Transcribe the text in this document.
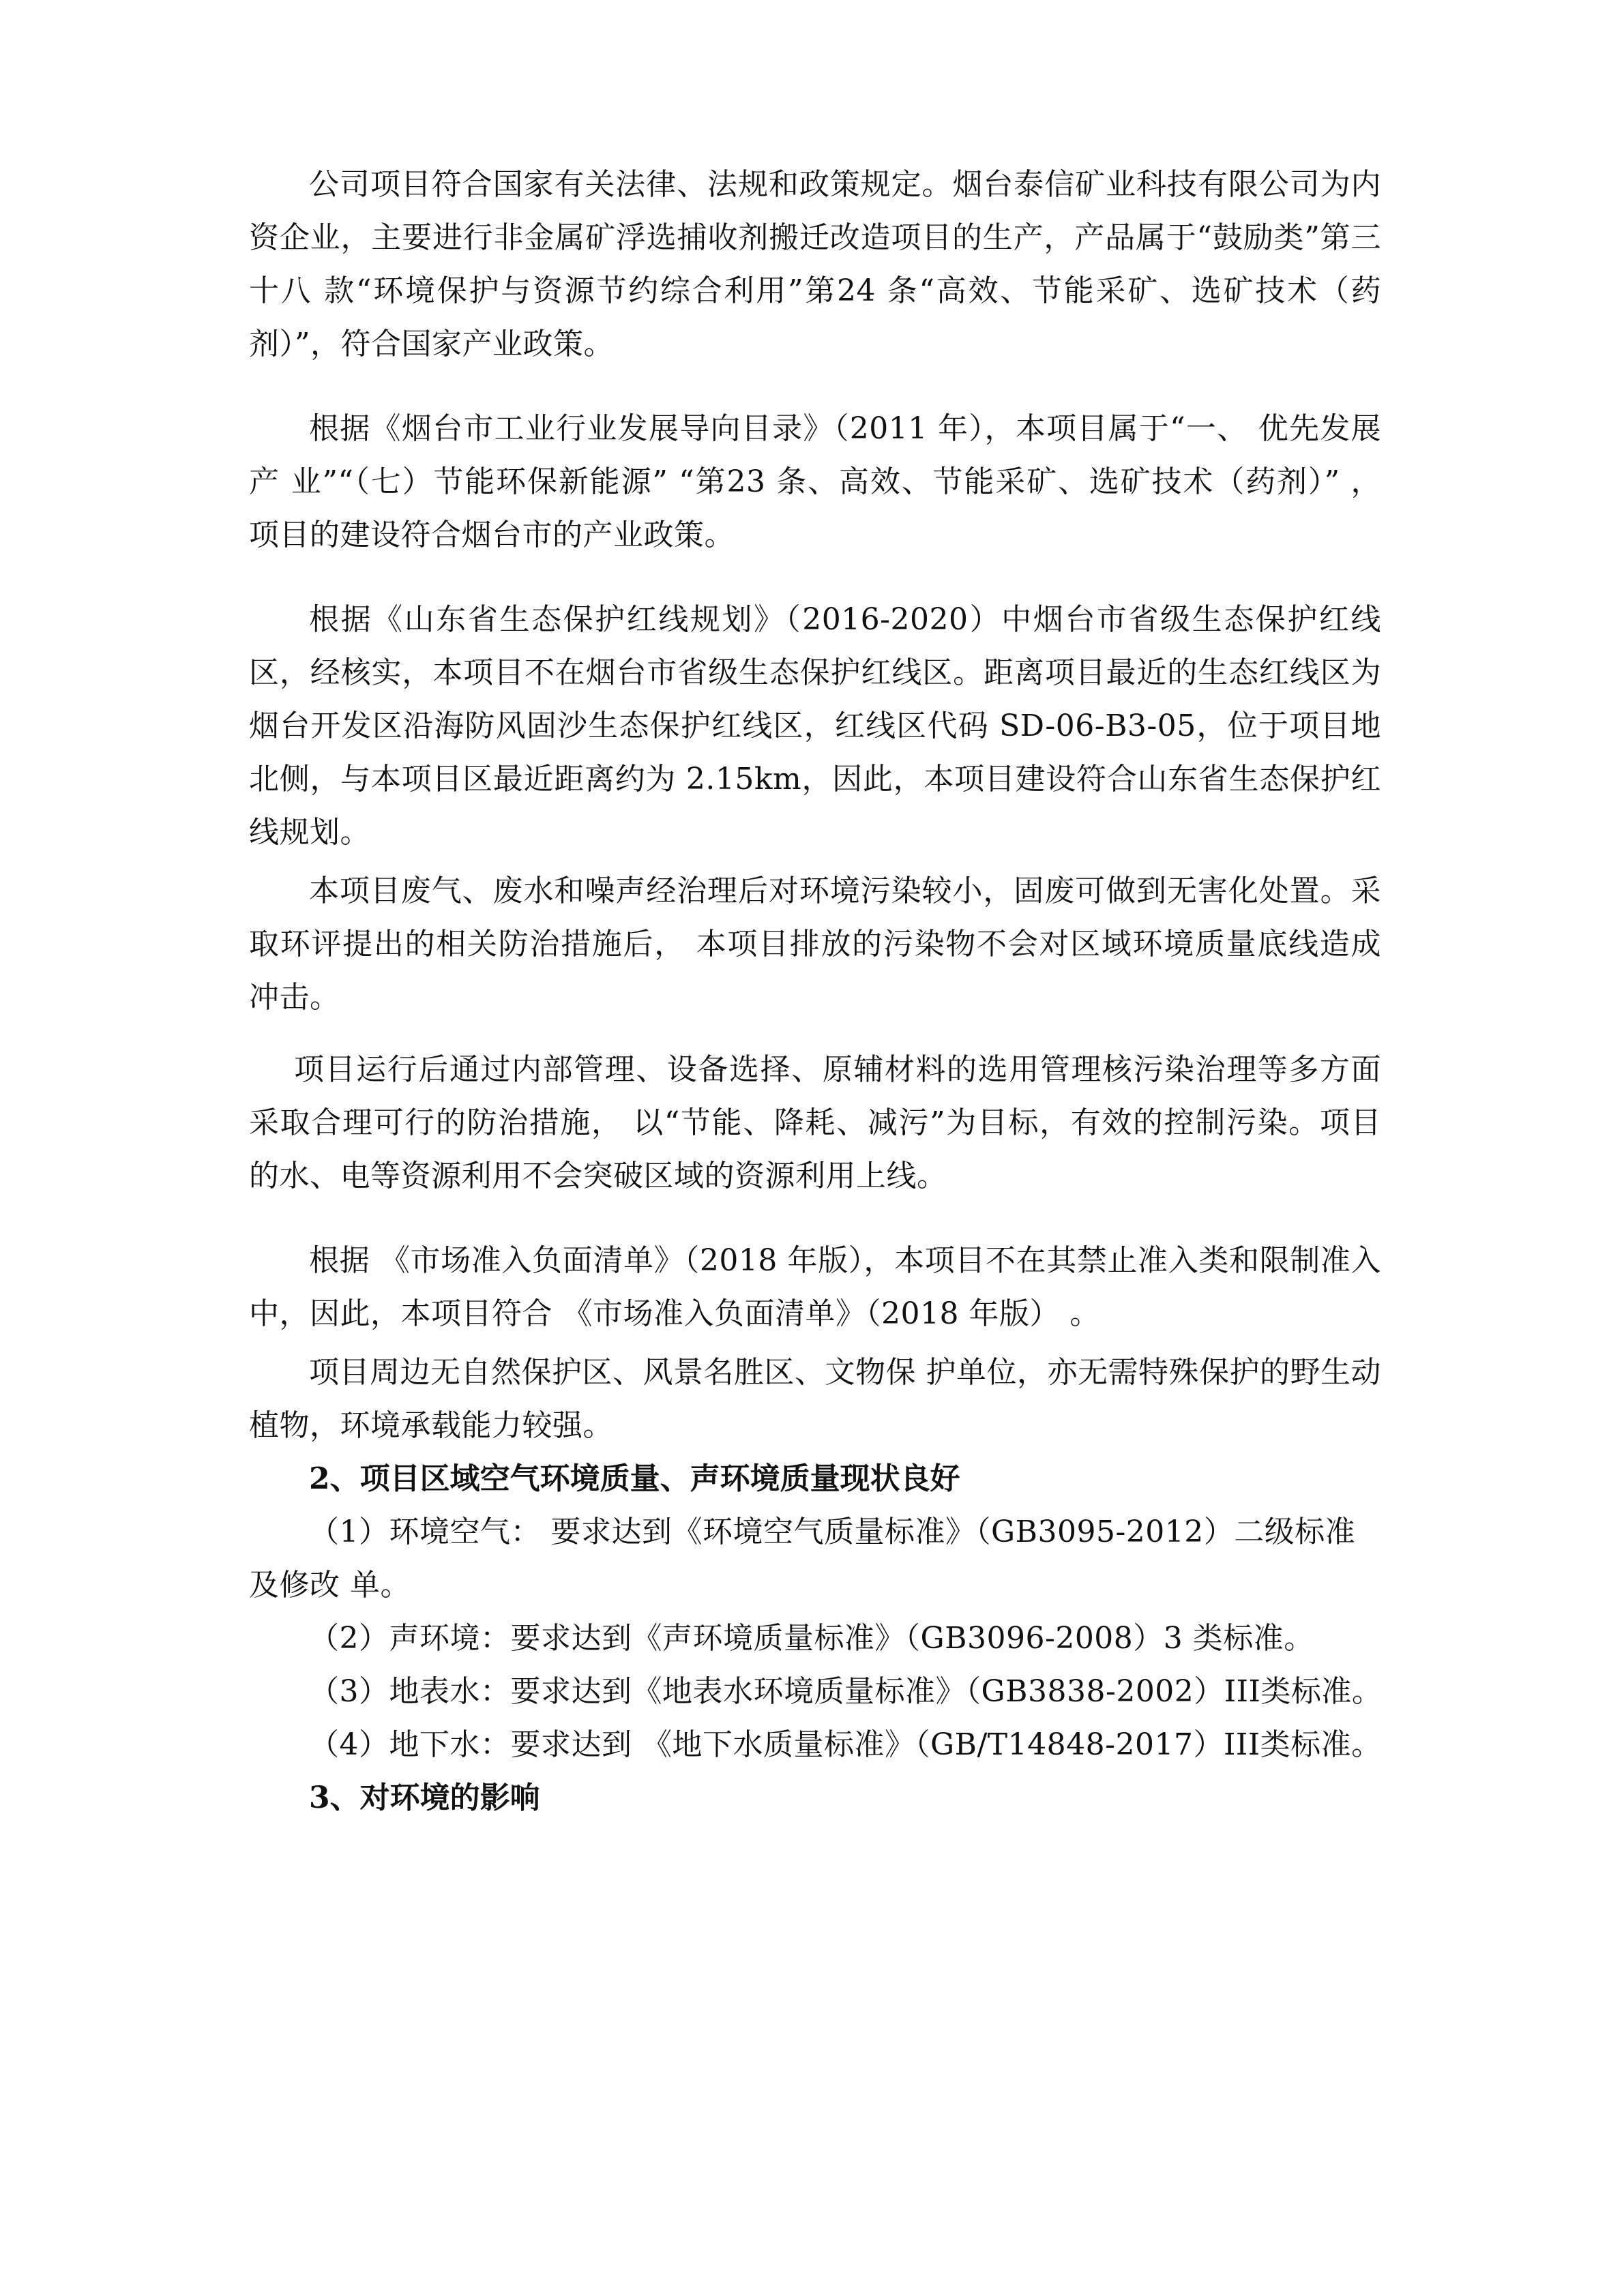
公司项目符合国家有关法律、法规和政策规定。烟台泰信矿业科技有限公司为内资企业，主要进行非金属矿浮选捕收剂搬迁改造项目的生产，产品属于“鼓励类”第三十八 款“环境保护与资源节约综合利用”第24 条“高效、节能采矿、选矿技术（药剂）”，符合国家产业政策。

根据《烟台市工业行业发展导向目录》（2011 年），本项目属于“一、 优先发展产 业”“（七）节能环保新能源” “第23 条、高效、节能采矿、选矿技术（药剂）” ， 项目的建设符合烟台市的产业政策。

根据《山东省生态保护红线规划》（2016-2020）中烟台市省级生态保护红线区，经核实，本项目不在烟台市省级生态保护红线区。距离项目最近的生态红线区为烟台开发区沿海防风固沙生态保护红线区，红线区代码 SD-06-B3-05，位于项目地北侧，与本项目区最近距离约为 2.15km，因此，本项目建设符合山东省生态保护红线规划。

本项目废气、废水和噪声经治理后对环境污染较小，固废可做到无害化处置。采取环评提出的相关防治措施后， 本项目排放的污染物不会对区域环境质量底线造成冲击。

项目运行后通过内部管理、设备选择、原辅材料的选用管理核污染治理等多方面采取合理可行的防治措施， 以“节能、降耗、减污”为目标，有效的控制污染。项目的水、电等资源利用不会突破区域的资源利用上线。

根据 《市场准入负面清单》（2018 年版），本项目不在其禁止准入类和限制准入中，因此，本项目符合 《市场准入负面清单》（2018 年版） 。

项目周边无自然保护区、风景名胜区、文物保 护单位，亦无需特殊保护的野生动植物，环境承载能力较强。

2、项目区域空气环境质量、声环境质量现状良好

（1）环境空气： 要求达到《环境空气质量标准》（GB3095-2012）二级标准及修改 单。

（2）声环境：要求达到《声环境质量标准》（GB3096-2008）3 类标准。

（3）地表水：要求达到《地表水环境质量标准》（GB3838-2002）III类标准。

（4）地下水：要求达到 《地下水质量标准》（GB/T14848-2017）III类标准。

3、对环境的影响
